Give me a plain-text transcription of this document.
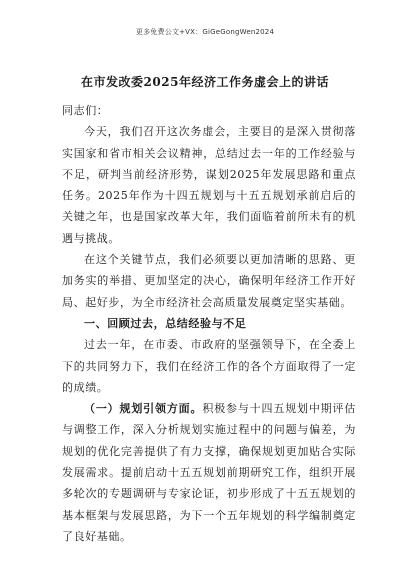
更多免费公文+VX：GiGeGongWen2024
在市发改委2025年经济工作务虚会上的讲话

同志们：

今天，我们召开这次务虚会，主要目的是深入贯彻落实国家和省市相关会议精神，总结过去一年的工作经验与不足，研判当前经济形势，谋划2025年发展思路和重点任务。2025年作为十四五规划与十五五规划承前启后的关键之年，也是国家改革大年，我们面临着前所未有的机遇与挑战。

在这个关键节点，我们必须要以更加清晰的思路、更加务实的举措、更加坚定的决心，确保明年经济工作开好局、起好步，为全市经济社会高质量发展奠定坚实基础。

一、回顾过去，总结经验与不足

过去一年，在市委、市政府的坚强领导下，在全委上下的共同努力下，我们在经济工作的各个方面取得了一定的成绩。

（一）规划引领方面。积极参与十四五规划中期评估与调整工作，深入分析规划实施过程中的问题与偏差，为规划的优化完善提供了有力支撑，确保规划更加贴合实际发展需求。提前启动十五五规划前期研究工作，组织开展多轮次的专题调研与专家论证，初步形成了十五五规划的基本框架与发展思路，为下一个五年规划的科学编制奠定了良好基础。
